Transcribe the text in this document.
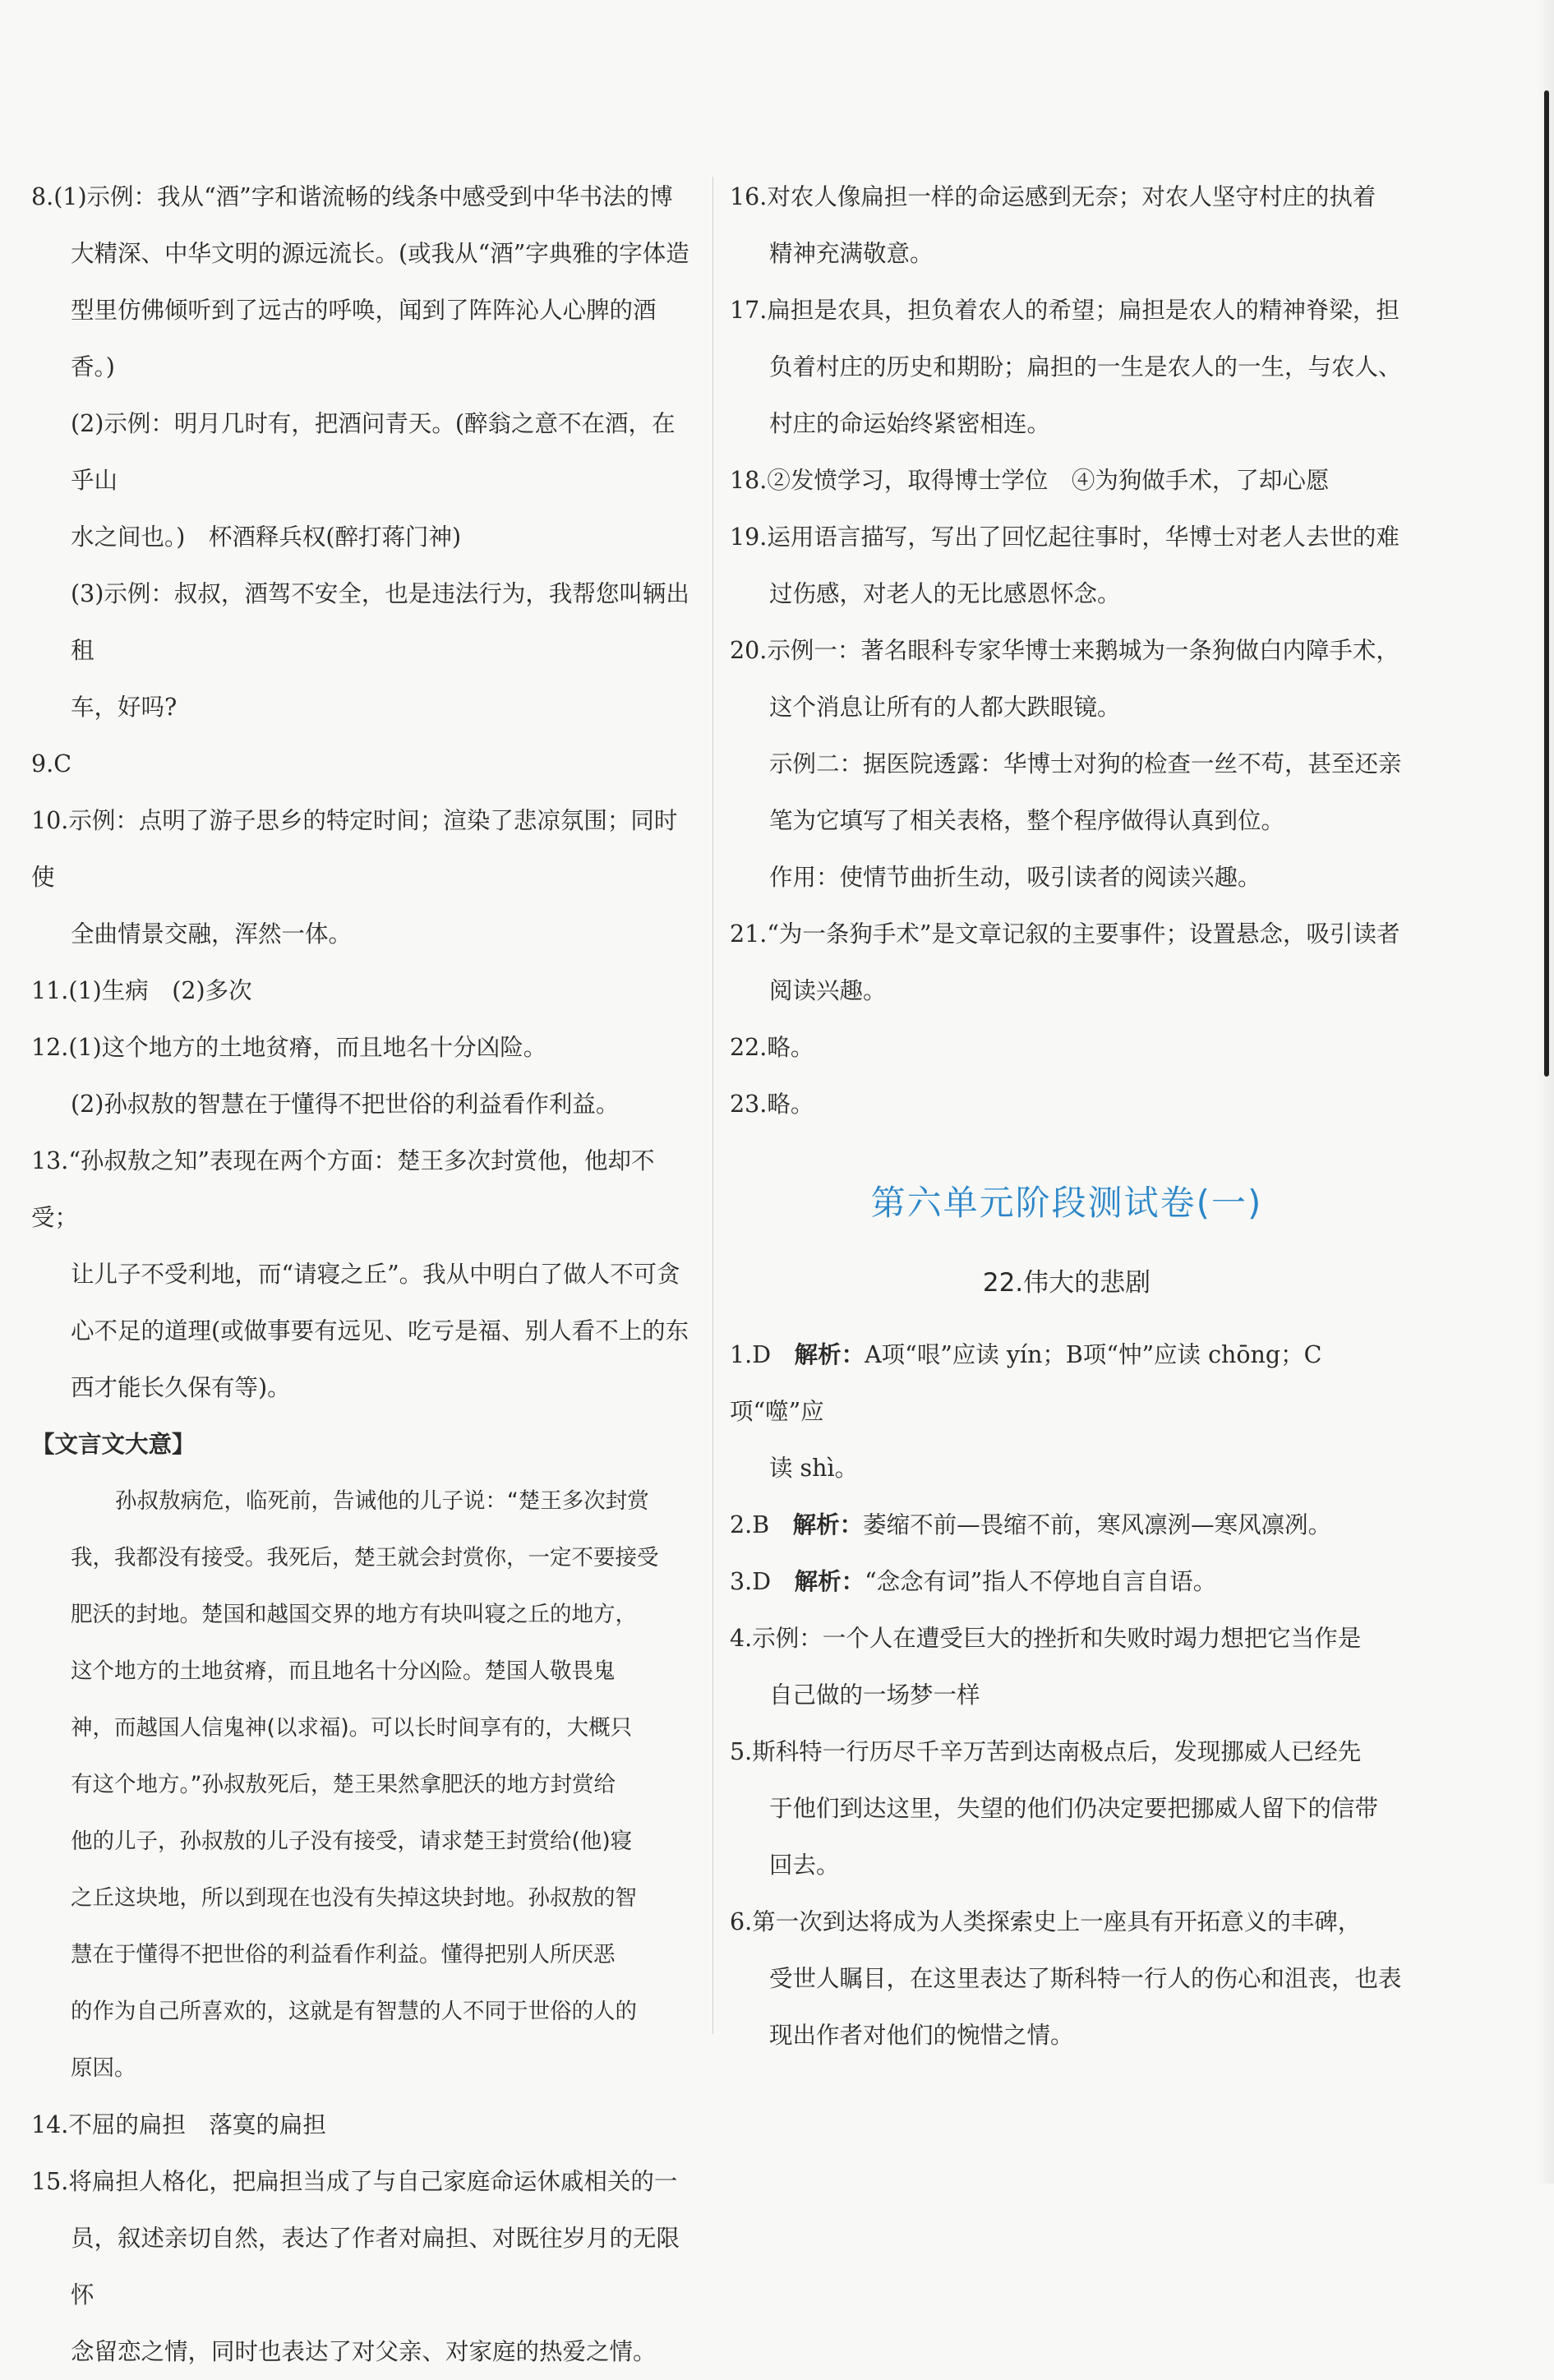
8.(1)示例：我从“酒”字和谐流畅的线条中感受到中华书法的博

大精深、中华文明的源远流长。(或我从“酒”字典雅的字体造

型里仿佛倾听到了远古的呼唤，闻到了阵阵沁人心脾的酒香。)

(2)示例：明月几时有，把酒问青天。(醉翁之意不在酒，在乎山

水之间也。)　杯酒释兵权(醉打蒋门神)

(3)示例：叔叔，酒驾不安全，也是违法行为，我帮您叫辆出租

车，好吗?

9.C

10.示例：点明了游子思乡的特定时间；渲染了悲凉氛围；同时使

全曲情景交融，浑然一体。

11.(1)生病　(2)多次

12.(1)这个地方的土地贫瘠，而且地名十分凶险。

(2)孙叔敖的智慧在于懂得不把世俗的利益看作利益。

13.“孙叔敖之知”表现在两个方面：楚王多次封赏他，他却不受；

让儿子不受利地，而“请寝之丘”。我从中明白了做人不可贪

心不足的道理(或做事要有远见、吃亏是福、别人看不上的东

西才能长久保有等)。

【文言文大意】

孙叔敖病危，临死前，告诫他的儿子说：“楚王多次封赏

我，我都没有接受。我死后，楚王就会封赏你，一定不要接受

肥沃的封地。楚国和越国交界的地方有块叫寝之丘的地方，

这个地方的土地贫瘠，而且地名十分凶险。楚国人敬畏鬼

神，而越国人信鬼神(以求福)。可以长时间享有的，大概只

有这个地方。”孙叔敖死后，楚王果然拿肥沃的地方封赏给

他的儿子，孙叔敖的儿子没有接受，请求楚王封赏给(他)寝

之丘这块地，所以到现在也没有失掉这块封地。孙叔敖的智

慧在于懂得不把世俗的利益看作利益。懂得把别人所厌恶

的作为自己所喜欢的，这就是有智慧的人不同于世俗的人的

原因。

14.不屈的扁担　落寞的扁担

15.将扁担人格化，把扁担当成了与自己家庭命运休戚相关的一

员，叙述亲切自然，表达了作者对扁担、对既往岁月的无限怀

念留恋之情，同时也表达了对父亲、对家庭的热爱之情。

16.对农人像扁担一样的命运感到无奈；对农人坚守村庄的执着

精神充满敬意。

17.扁担是农具，担负着农人的希望；扁担是农人的精神脊梁，担

负着村庄的历史和期盼；扁担的一生是农人的一生，与农人、

村庄的命运始终紧密相连。

18.②发愤学习，取得博士学位　④为狗做手术，了却心愿

19.运用语言描写，写出了回忆起往事时，华博士对老人去世的难

过伤感，对老人的无比感恩怀念。

20.示例一：著名眼科专家华博士来鹅城为一条狗做白内障手术，

这个消息让所有的人都大跌眼镜。

示例二：据医院透露：华博士对狗的检查一丝不苟，甚至还亲

笔为它填写了相关表格，整个程序做得认真到位。

作用：使情节曲折生动，吸引读者的阅读兴趣。

21.“为一条狗手术”是文章记叙的主要事件；设置悬念，吸引读者

阅读兴趣。

22.略。

23.略。

第六单元阶段测试卷(一)
22.伟大的悲剧

1.D　 解析：A项“哏”应读 yín；B项“忡”应读 chōng；C项“噬”应

读 shì。

2.B　 解析：萎缩不前—畏缩不前，寒风凛洌—寒风凛冽。

3.D　 解析：“念念有词”指人不停地自言自语。

4.示例：一个人在遭受巨大的挫折和失败时竭力想把它当作是

自己做的一场梦一样

5.斯科特一行历尽千辛万苦到达南极点后，发现挪威人已经先

于他们到达这里，失望的他们仍决定要把挪威人留下的信带

回去。

6.第一次到达将成为人类探索史上一座具有开拓意义的丰碑，

受世人瞩目，在这里表达了斯科特一行人的伤心和沮丧，也表

现出作者对他们的惋惜之情。
